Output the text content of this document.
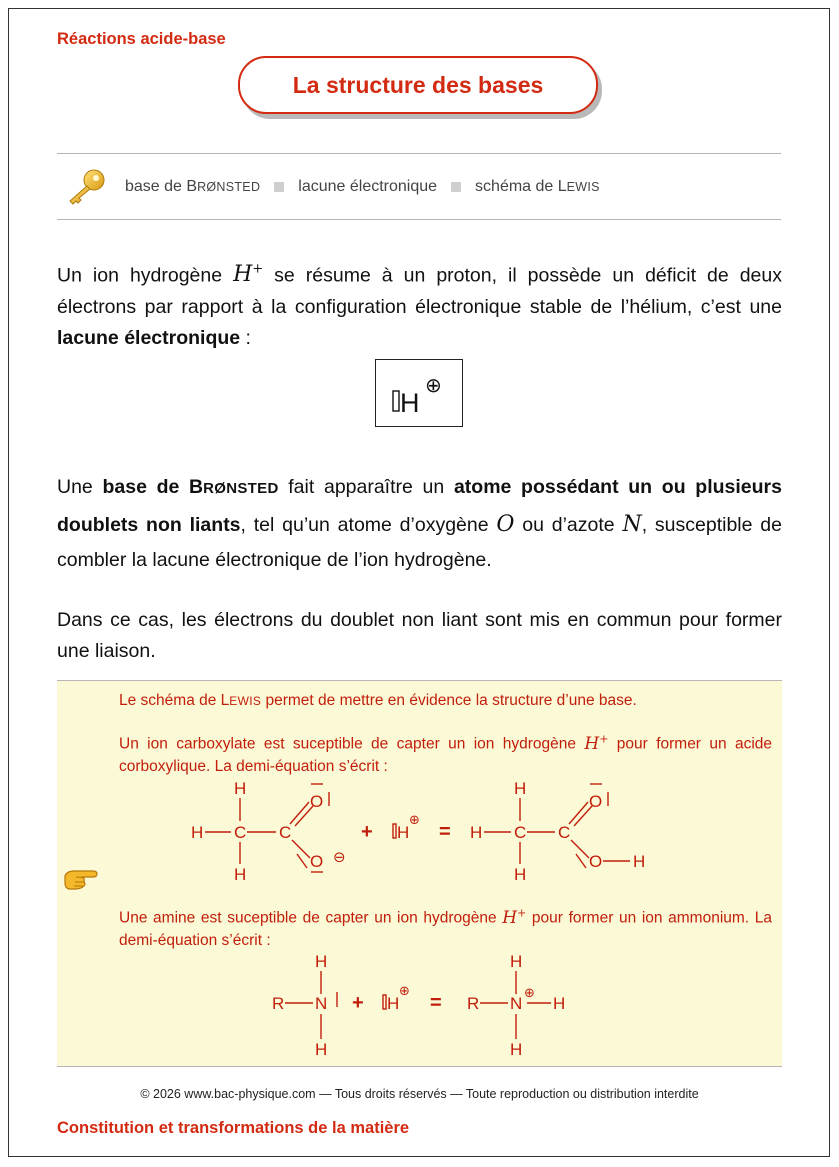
Réactions acide-base
La structure des bases
base de BRØNSTED lacune électronique schéma de LEWIS
Un ion hydrogène H+ se résume à un proton, il possède un déficit de deux électrons par rapport à la configuration électronique stable de l’hélium, c’est une lacune électronique :
H
⊕
Une base de BRØNSTED fait apparaître un atome possédant un ou plusieurs doublets non liants, tel qu’un atome d’oxygène O ou d’azote N, susceptible de combler la lacune électronique de l’ion hydrogène.
Dans ce cas, les électrons du doublet non liant sont mis en commun pour former une liaison.
Le schéma de LEWIS permet de mettre en évidence la structure d’une base.
Un ion carboxylate est suceptible de capter un ion hydrogène H+ pour former un acide corboxylique. La demi-équation s’écrit :
H
H C C
H
O
O ⊖
+ H
⊕
=
H
H C C
H
O
O H
Une amine est suceptible de capter un ion hydrogène H+ pour former un ion ammonium. La demi-équation s’écrit :
H
R N
H
+ H
⊕
=
H
R N
⊕
H
H
© 2026 www.bac-physique.com — Tous droits réservés — Toute reproduction ou distribution interdite
Constitution et transformations de la matière
